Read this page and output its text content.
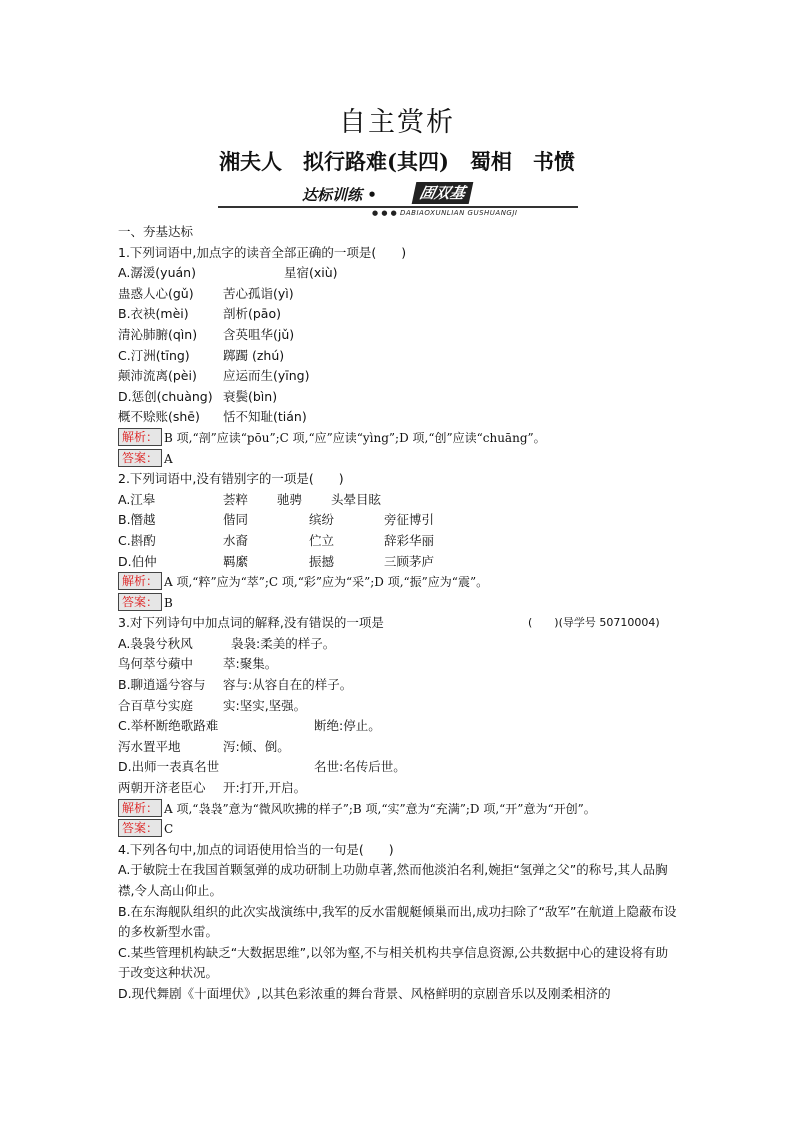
自主赏析
湘夫人　拟行路难(其四)　蜀相　书愤
达标训练 •	固双基
● ● ● DABIAOXUNLIAN GUSHUANGJI
一、夯基达标
1.下列词语中,加点字的读音全部正确的一项是(　　)
A.潺湲(yuán)	星宿(xiù)
蛊惑人心(gǔ) 苦心孤诣(yì)
B.衣袂(mèi)	剖析(pāo)
清沁肺腑(qìn) 含英咀华(jǔ)
C.汀洲(tīng)	踯躅 (zhú)
颠沛流离(pèi) 应运而生(yīng)
D.惩创(chuàng) 衰鬓(bìn)
概不赊账(shē) 恬不知耻(tián)
解析： B 项,“剖”应读“pōu”;C 项,“应”应读“yìng”;D 项,“创”应读“chuāng”。
答案： A
2.下列词语中,没有错别字的一项是(　　)
A.江皋	荟粹 驰骋 头晕目眩
B.僭越	偕同	缤纷	旁征博引
C.斟酌	水裔	伫立	辞彩华丽
D.伯仲	羁縻	振撼	三顾茅庐
解析： A 项,“粹”应为“萃”;C 项,“彩”应为“采”;D 项,“振”应为“震”。
答案： B
3.对下列诗句中加点词的解释,没有错误的一项是	(　　)(导学号 50710004)
A.袅袅兮秋风	袅袅:柔美的样子。
鸟何萃兮蘋中 萃:聚集。
B.聊逍遥兮容与 容与:从容自在的样子。
合百草兮实庭 实:坚实,坚强。
C.举杯断绝歌路难	断绝:停止。
泻水置平地	泻:倾、倒。
D.出师一表真名世	名世:名传后世。
两朝开济老臣心 开:打开,开启。
解析： A 项,“袅袅”意为“微风吹拂的样子”;B 项,“实”意为“充满”;D 项,“开”意为“开创”。
答案： C
4.下列各句中,加点的词语使用恰当的一句是(　　)
A.于敏院士在我国首颗氢弹的成功研制上功勋卓著,然而他淡泊名利,婉拒“氢弹之父”的称号,其人品胸襟,令人高山仰止。
B.在东海舰队组织的此次实战演练中,我军的反水雷舰艇倾巢而出,成功扫除了“敌军”在航道上隐蔽布设的多枚新型水雷。
C.某些管理机构缺乏“大数据思维”,以邻为壑,不与相关机构共享信息资源,公共数据中心的建设将有助于改变这种状况。
D.现代舞剧《十面埋伏》,以其色彩浓重的舞台背景、风格鲜明的京剧音乐以及刚柔相济的
